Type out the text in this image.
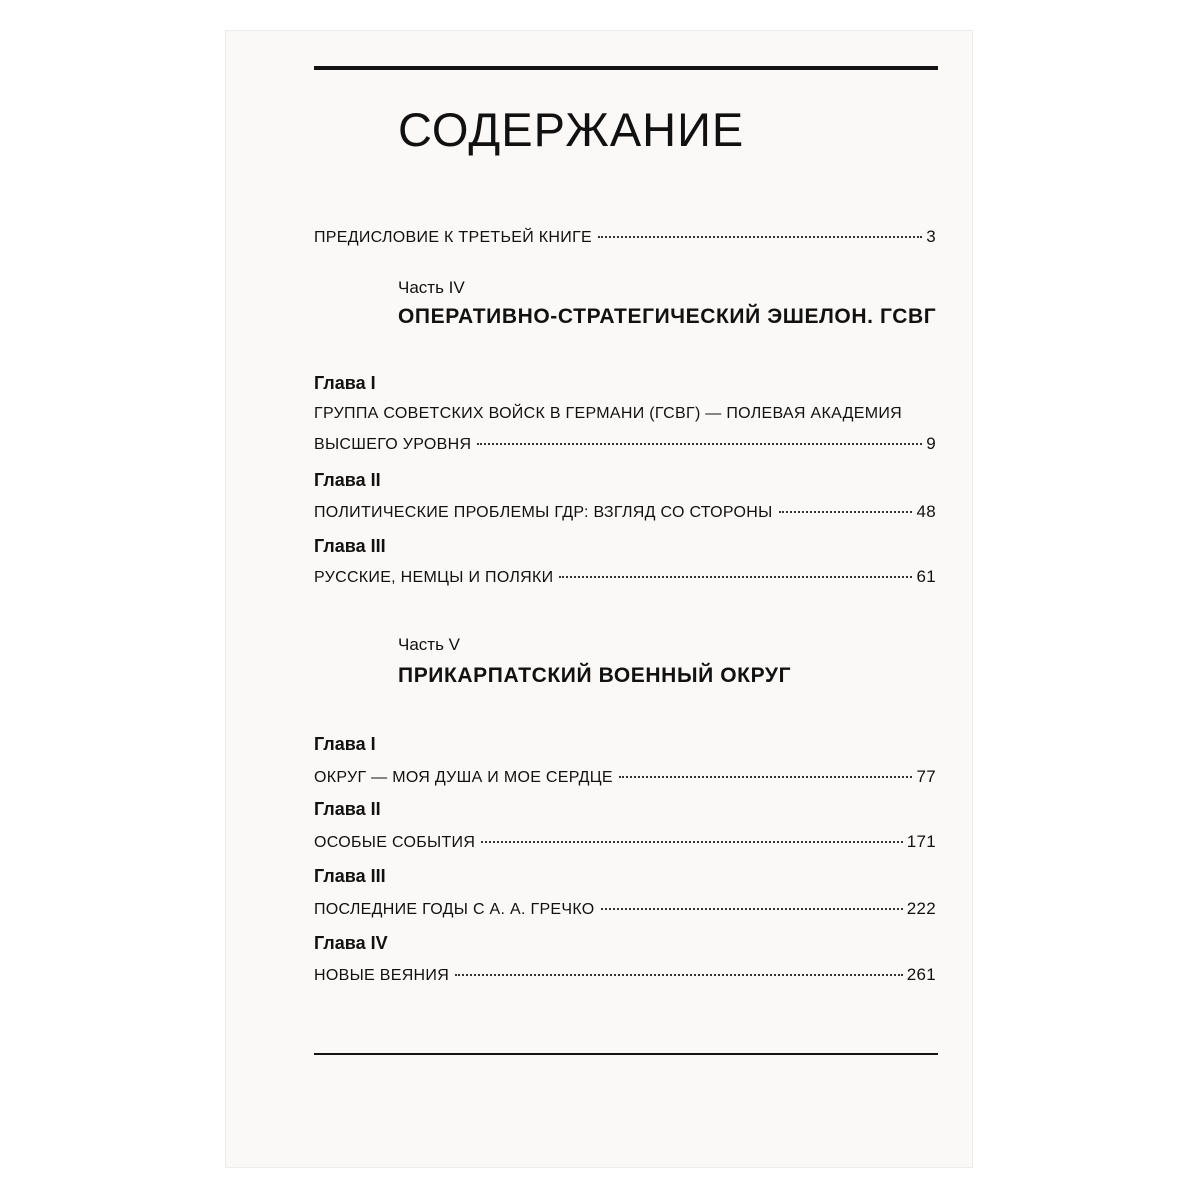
СОДЕРЖАНИЕ
ПРЕДИСЛОВИЕ К ТРЕТЬЕЙ КНИГЕ	3
Часть IV
ОПЕРАТИВНО-СТРАТЕГИЧЕСКИЙ ЭШЕЛОН. ГСВГ
Глава I
ГРУППА СОВЕТСКИХ ВОЙСК В ГЕРМАНИ (ГСВГ) — ПОЛЕВАЯ АКАДЕМИЯ
ВЫСШЕГО УРОВНЯ	9
Глава II
ПОЛИТИЧЕСКИЕ ПРОБЛЕМЫ ГДР: ВЗГЛЯД СО СТОРОНЫ	48
Глава III
РУССКИЕ, НЕМЦЫ И ПОЛЯКИ	61
Часть V
ПРИКАРПАТСКИЙ ВОЕННЫЙ ОКРУГ
Глава I
ОКРУГ — МОЯ ДУША И МОЕ СЕРДЦЕ	77
Глава II
ОСОБЫЕ СОБЫТИЯ	171
Глава III
ПОСЛЕДНИЕ ГОДЫ С А. А. ГРЕЧКО	222
Глава IV
НОВЫЕ ВЕЯНИЯ	261
